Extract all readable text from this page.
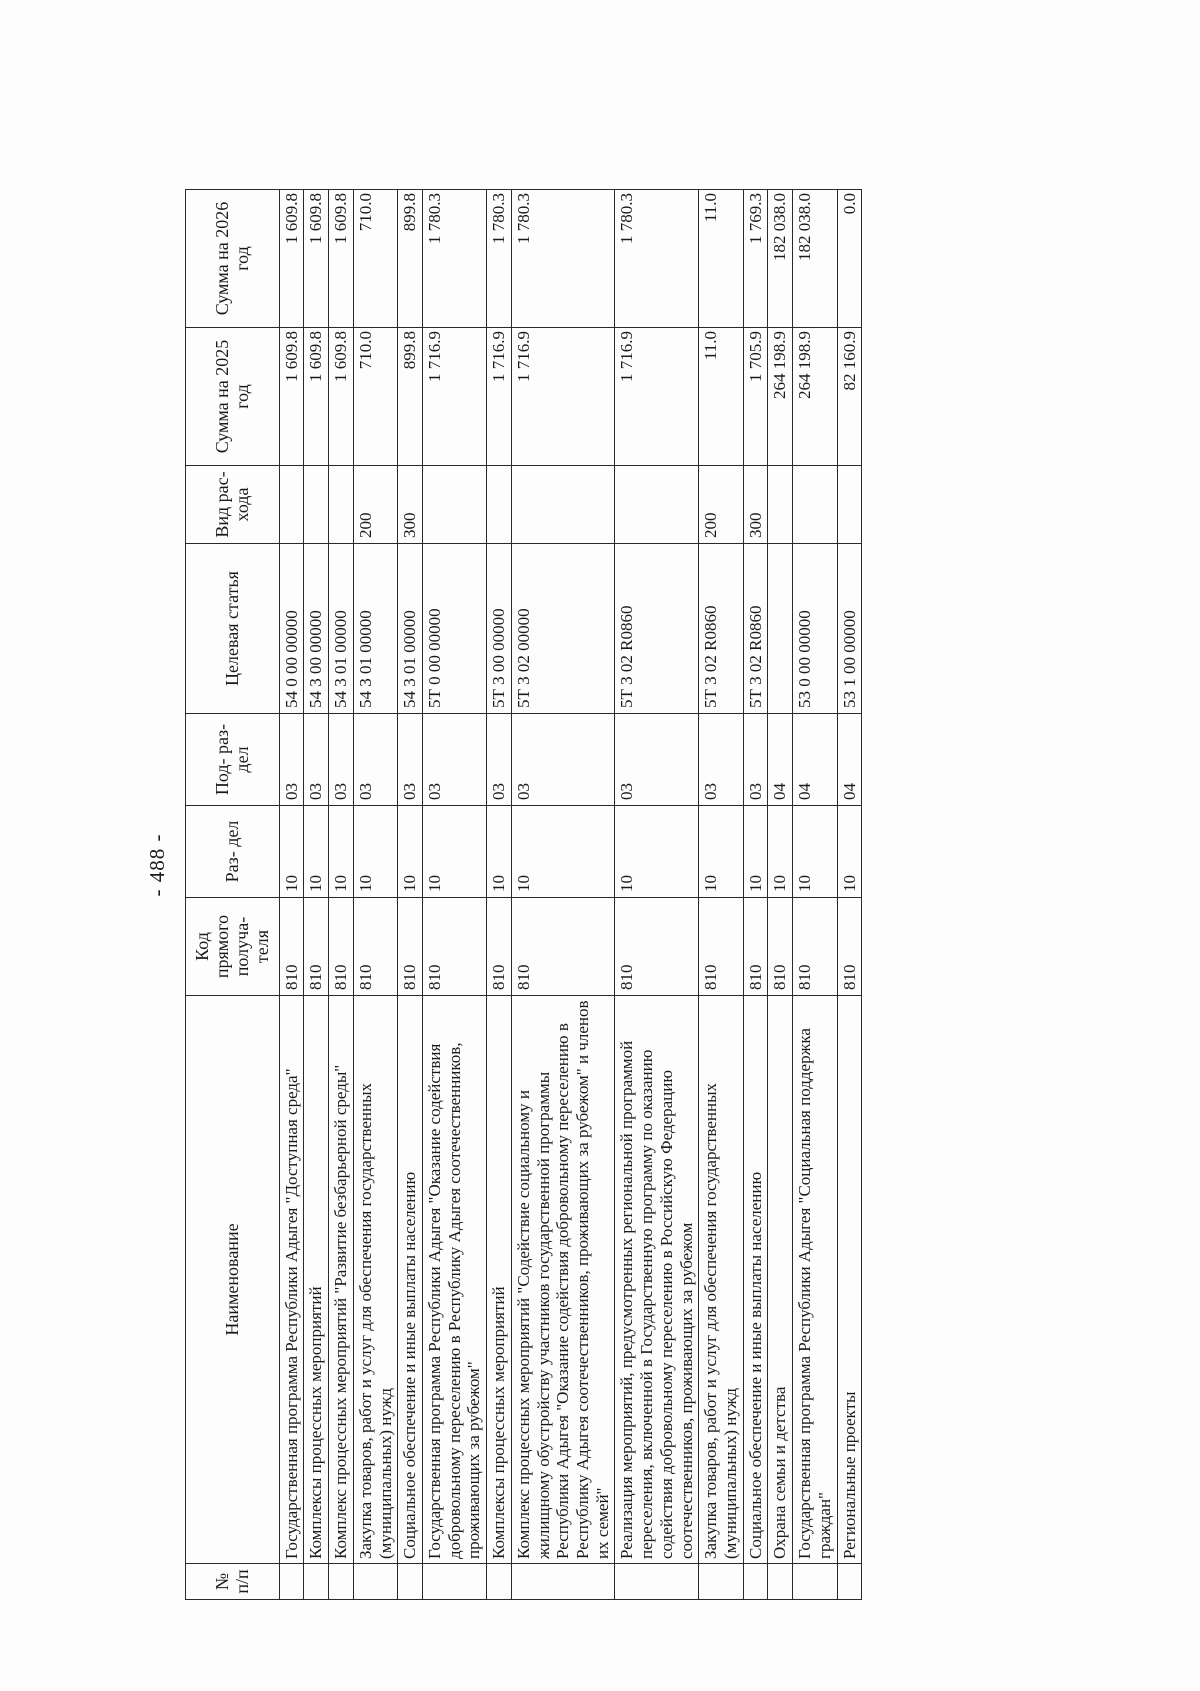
- 488 -
№ п/п	Наименование	Код прямого получа- теля	Раз- дел	Под- раз- дел	Целевая статья	Вид рас- хода	Сумма на 2025 год	Сумма на 2026 год
	Государственная программа Республики Адыгея "Доступная среда"	810	10	03	54 0 00 00000		1 609.8	1 609.8
	Комплексы процессных мероприятий	810	10	03	54 3 00 00000		1 609.8	1 609.8
	Комплекс процессных мероприятий "Развитие безбарьерной среды"	810	10	03	54 3 01 00000		1 609.8	1 609.8
	Закупка товаров, работ и услуг для обеспечения государственных (муниципальных) нужд	810	10	03	54 3 01 00000	200	710.0	710.0
	Социальное обеспечение и иные выплаты населению	810	10	03	54 3 01 00000	300	899.8	899.8
	Государственная программа Республики Адыгея "Оказание содействия добровольному переселению в Республику Адыгея соотечественников, проживающих за рубежом"	810	10	03	5Т 0 00 00000		1 716.9	1 780.3
	Комплексы процессных мероприятий	810	10	03	5Т 3 00 00000		1 716.9	1 780.3
	Комплекс процессных мероприятий "Содействие социальному и жилищному обустройству участников государственной программы Республики Адыгея "Оказание содействия добровольному переселению в Республику Адыгея соотечественников, проживающих за рубежом" и членов их семей"	810	10	03	5Т 3 02 00000		1 716.9	1 780.3
	Реализация мероприятий, предусмотренных региональной программой переселения, включенной в Государственную программу по оказанию содействия добровольному переселению в Российскую Федерацию соотечественников, проживающих за рубежом	810	10	03	5Т 3 02 R0860		1 716.9	1 780.3
	Закупка товаров, работ и услуг для обеспечения государственных (муниципальных) нужд	810	10	03	5Т 3 02 R0860	200	11.0	11.0
	Социальное обеспечение и иные выплаты населению	810	10	03	5Т 3 02 R0860	300	1 705.9	1 769.3
	Охрана семьи и детства	810	10	04			264 198.9	182 038.0
	Государственная программа Республики Адыгея "Социальная поддержка граждан"	810	10	04	53 0 00 00000		264 198.9	182 038.0
	Региональные проекты	810	10	04	53 1 00 00000		82 160.9	0.0
